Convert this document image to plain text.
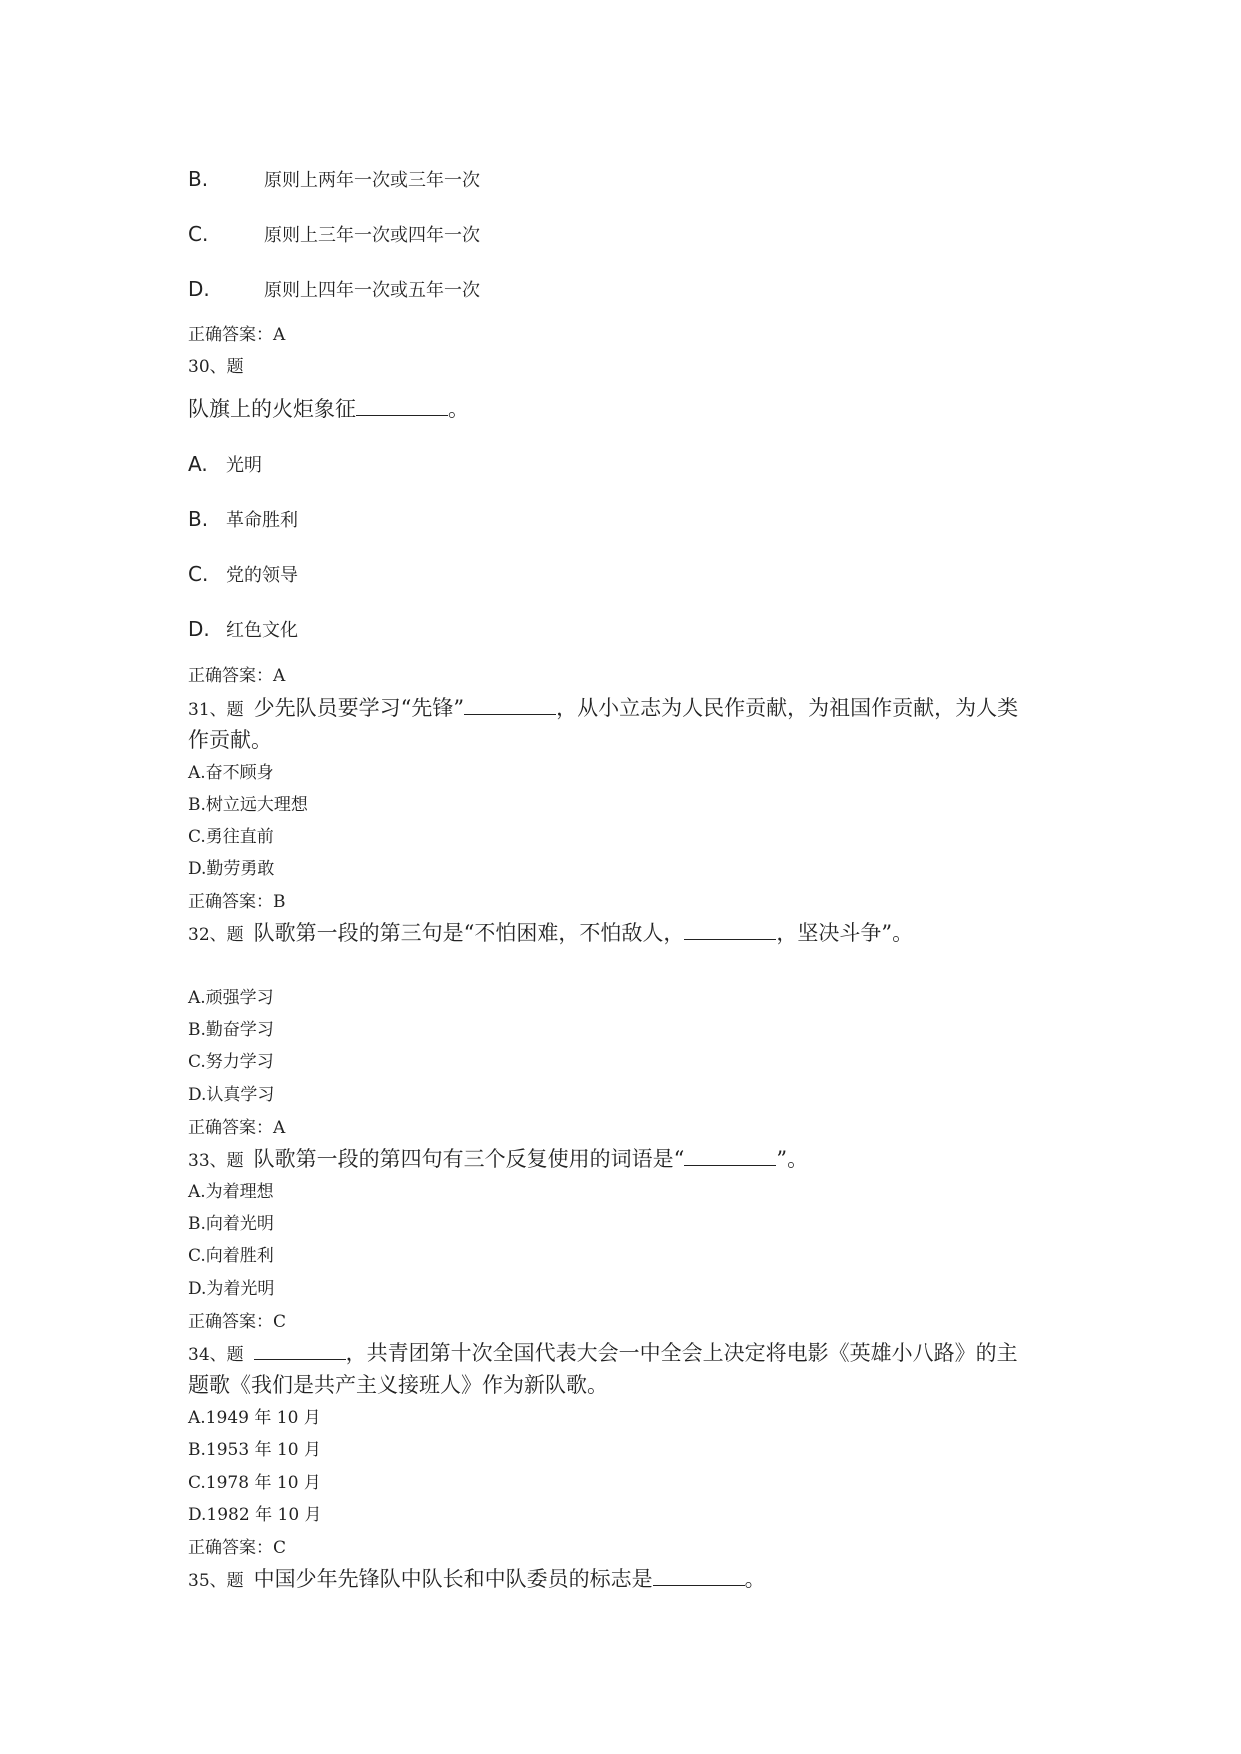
B.	原则上两年一次或三年一次
C.	原则上三年一次或四年一次
D.	原则上四年一次或五年一次
正确答案：A
30、题
队旗上的火炬象征	。
A. 光明
B. 革命胜利
C. 党的领导
D. 红色文化
正确答案：A
31、题 少先队员要学习“先锋”	，从小立志为人民作贡献，为祖国作贡献，为人类
作贡献。
A.奋不顾身
B.树立远大理想
C.勇往直前
D.勤劳勇敢
正确答案：B
32、题 队歌第一段的第三句是“不怕困难，不怕敌人，	，坚决斗争”。
A.顽强学习
B.勤奋学习
C.努力学习
D.认真学习
正确答案：A
33、题 队歌第一段的第四句有三个反复使用的词语是“	”。
A.为着理想
B.向着光明
C.向着胜利
D.为着光明
正确答案：C
34、题	，共青团第十次全国代表大会一中全会上决定将电影《英雄小八路》的主
题歌《我们是共产主义接班人》作为新队歌。
A.1949 年 10 月
B.1953 年 10 月
C.1978 年 10 月
D.1982 年 10 月
正确答案：C
35、题 中国少年先锋队中队长和中队委员的标志是	。
